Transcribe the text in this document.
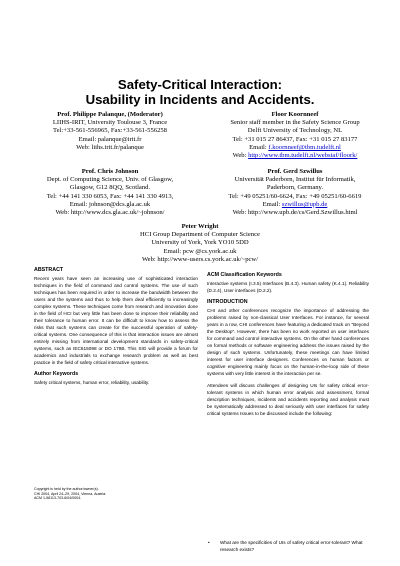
Safety-Critical Interaction:
Usability in Incidents and Accidents.
Prof. Philippe Palanque, (Moderator)
LIIHS-IRIT, University Toulouse 3, France
Tel:+33-561-556965, Fax:+33-561-556258
Email: palanque@irit.fr
Web: liihs.irit.fr/palanque
Floor Koornneef
Senior staff member in the Safety Science Group
Delft University of Technology, NL
Tel: +31 015 27 86437, Fax: +31 015 27 83177
Email: f.koornneef@tbm.tudelft.nl
Web: http://www.tbm.tudelft.nl/webstaf/floork/
Prof. Chris Johnson
Dept. of Computing Science, Univ. of Glasgow,
Glasgow, G12 8QQ, Scotland.
Tel: +44 141 330 6053, Fax: +44 141 330 4913,
Email: johnson@dcs.gla.ac.uk
Web: http://www.dcs.gla.ac.uk/~johnson/
Prof. Gerd Szwillus
Universität Paderborn, Institut für Informatik,
Paderborn, Germany.
Tel: +49 05251/60-6624, Fax: +49 05251/60-6619
Email: szwillus@upb.de
Web: http://www.upb.de/cs/Gerd.Szwillus.html
Peter Wright
HCI Group Department of Computer Science
University of York, York YO10 5DD
Email: pcw @cs.york.ac.uk
Web: http://www-users.cs.york.ac.uk/~pcw/
ABSTRACT

Recent years have seen an increasing use of sophisticated interaction techniques in the field of command and control systems. The use of such techniques has been required in order to increase the bandwidth between the users and the systems and thus to help them deal efficiently to increasingly complex systems. These techniques come from research and innovation done in the field of HCI but very little has been done to improve their reliability and their tolerance to human error. It can be difficult to know how to assess the risks that such systems can create for the successful operation of safety-critical systems. One consequence of this is that interaction issues are almost entirely missing from international development standards in safety-critical systems, such as IEC615098 or DO 178B. This SIG will provide a forum for academics and industrials to exchange research problem as well as best practice in the field of safety critical interactive systems.

Author Keywords

Safety critical systems, human error, reliability, usability.

Copyright is held by the author/owner(s).
CHI 2004, April 24–29, 2004, Vienna, Austria.
ACM 1-58113-703-6/04/0004.
ACM Classification Keywords

Interactive systems (I.3.5) Interfaces (B.4.3). Human safety (K.4.1). Reliability (D.2.4), User interfaces (D.2.2).

INTRODUCTION

CHI and other conferences recognize the importance of addressing the problems raised by non-classical User Interfaces. For instance, for several years in a row, CHI conferences have featuring a dedicated track on "Beyond the Desktop". However, there has been no work reported on user interfaces for command and control interactive systems. On the other hand conferences on formal methods or software engineering address the issues raised by the design of such systems. Unfortunately, these meetings can have limited interest for user interface designers. Conferences on human factors or cognitive engineering mainly focus on the human-in-the-loop side of these systems with very little interest in the interaction per se.

Attendees will discuss challenges of designing UIs for safety critical error-tolerant systems in which human error analysis and assessment, formal description techniques, incidents and accidents reporting and analysis must be systematically addressed to deal seriously with user interfaces for safety critical systems Issues to be discussed include the following:

• What are the specificities of UIs of safety critical error-tolerant? What research exists?
